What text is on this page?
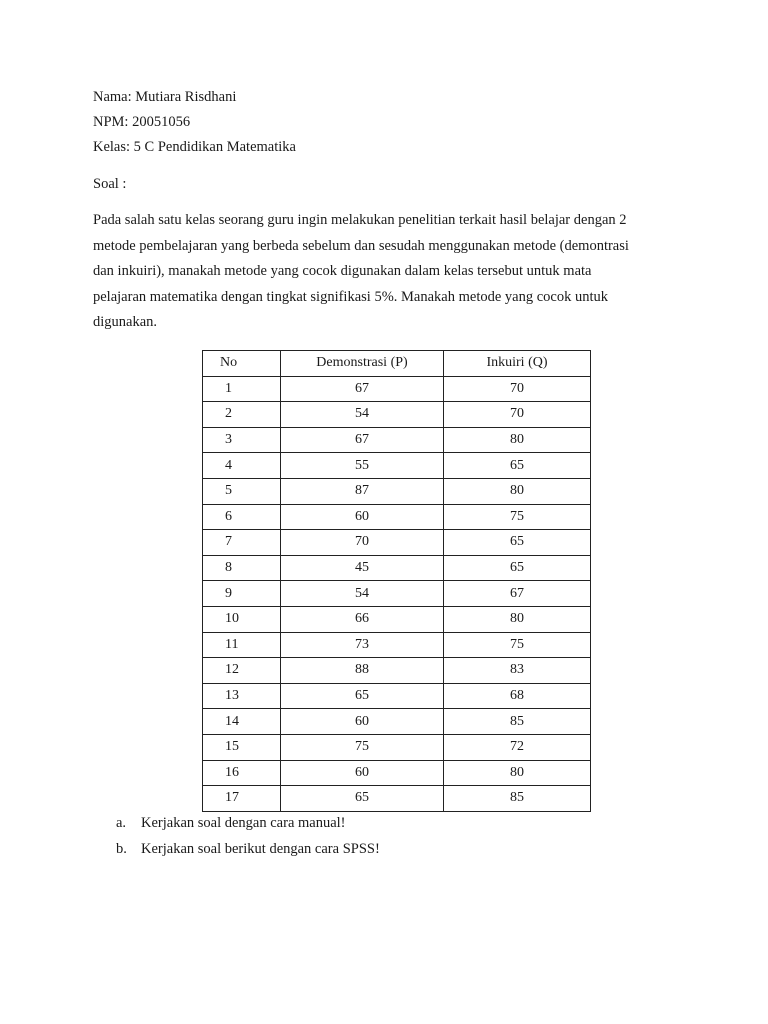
Nama: Mutiara Risdhani
NPM: 20051056
Kelas: 5 C Pendidikan Matematika
Soal :
Pada salah satu kelas seorang guru ingin melakukan penelitian terkait hasil belajar dengan 2
metode pembelajaran yang berbeda sebelum dan sesudah menggunakan metode (demontrasi
dan inkuiri), manakah metode yang cocok digunakan dalam kelas tersebut untuk mata
pelajaran matematika dengan tingkat signifikasi 5%. Manakah metode yang cocok untuk
digunakan.
No	Demonstrasi (P)	Inkuiri (Q)
1	67	70
2	54	70
3	67	80
4	55	65
5	87	80
6	60	75
7	70	65
8	45	65
9	54	67
10	66	80
11	73	75
12	88	83
13	65	68
14	60	85
15	75	72
16	60	80
17	65	85
a. Kerjakan soal dengan cara manual!
b. Kerjakan soal berikut dengan cara SPSS!
